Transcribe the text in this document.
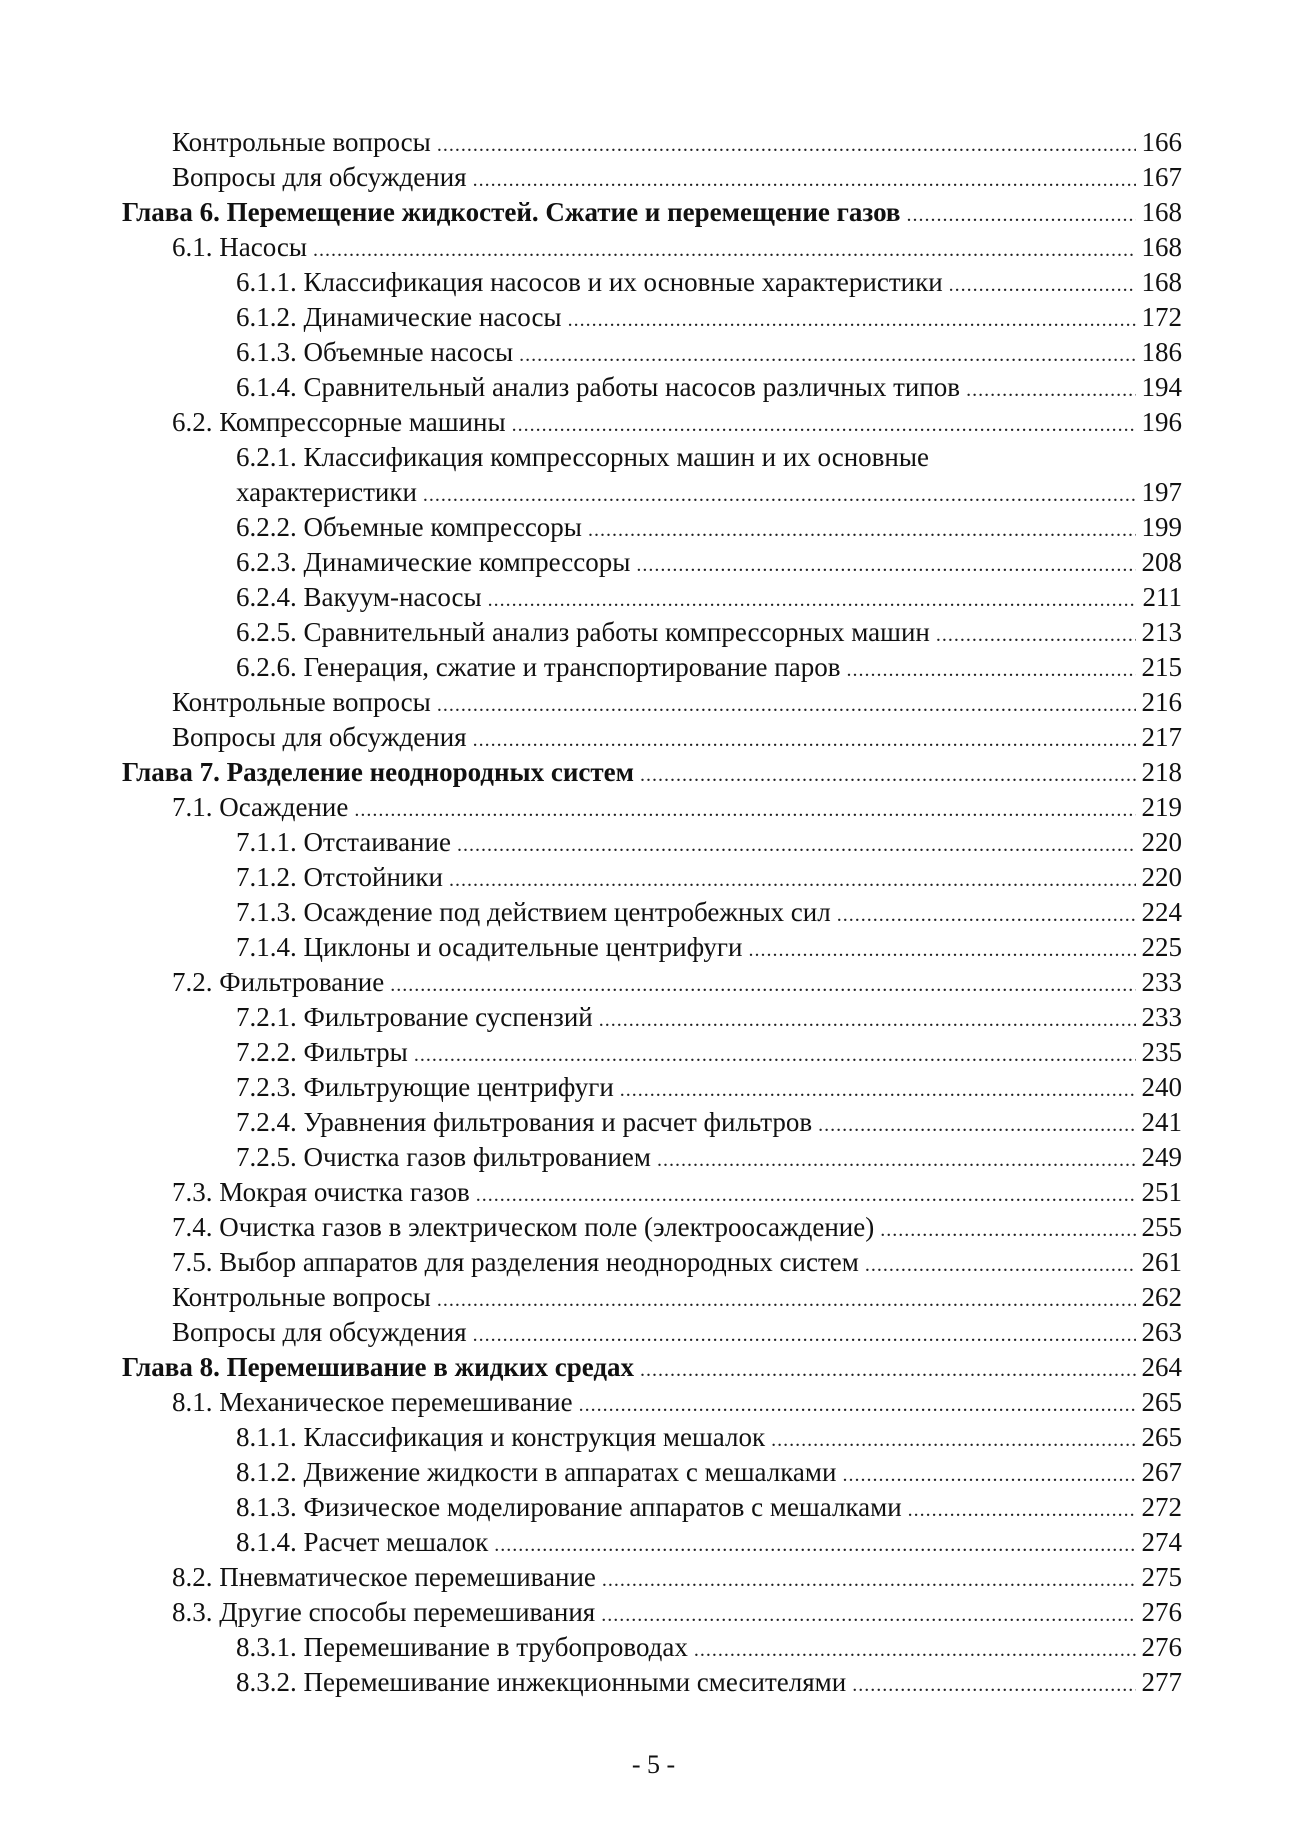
Контрольные вопросы .....	166
Вопросы для обсуждения .....	167
Глава 6. Перемещение жидкостей. Сжатие и перемещение газов .....	168
6.1. Насосы .....	168
6.1.1. Классификация насосов и их основные характеристики .....	168
6.1.2. Динамические насосы .....	172
6.1.3. Объемные насосы .....	186
6.1.4. Сравнительный анализ работы насосов различных типов .....	194
6.2. Компрессорные машины .....	196
6.2.1. Классификация компрессорных машин и их основные
характеристики .....	197
6.2.2. Объемные компрессоры .....	199
6.2.3. Динамические компрессоры .....	208
6.2.4. Вакуум-насосы .....	211
6.2.5. Сравнительный анализ работы компрессорных машин .....	213
6.2.6. Генерация, сжатие и транспортирование паров .....	215
Контрольные вопросы .....	216
Вопросы для обсуждения .....	217
Глава 7. Разделение неоднородных систем .....	218
7.1. Осаждение .....	219
7.1.1. Отстаивание .....	220
7.1.2. Отстойники .....	220
7.1.3. Осаждение под действием центробежных сил .....	224
7.1.4. Циклоны и осадительные центрифуги .....	225
7.2. Фильтрование .....	233
7.2.1. Фильтрование суспензий .....	233
7.2.2. Фильтры .....	235
7.2.3. Фильтрующие центрифуги .....	240
7.2.4. Уравнения фильтрования и расчет фильтров .....	241
7.2.5. Очистка газов фильтрованием .....	249
7.3. Мокрая очистка газов .....	251
7.4. Очистка газов в электрическом поле (электроосаждение) .....	255
7.5. Выбор аппаратов для разделения неоднородных систем .....	261
Контрольные вопросы .....	262
Вопросы для обсуждения .....	263
Глава 8. Перемешивание в жидких средах .....	264
8.1. Механическое перемешивание .....	265
8.1.1. Классификация и конструкция мешалок .....	265
8.1.2. Движение жидкости в аппаратах с мешалками .....	267
8.1.3. Физическое моделирование аппаратов с мешалками .....	272
8.1.4. Расчет мешалок .....	274
8.2. Пневматическое перемешивание .....	275
8.3. Другие способы перемешивания .....	276
8.3.1. Перемешивание в трубопроводах .....	276
8.3.2. Перемешивание инжекционными смесителями .....	277
- 5 -
